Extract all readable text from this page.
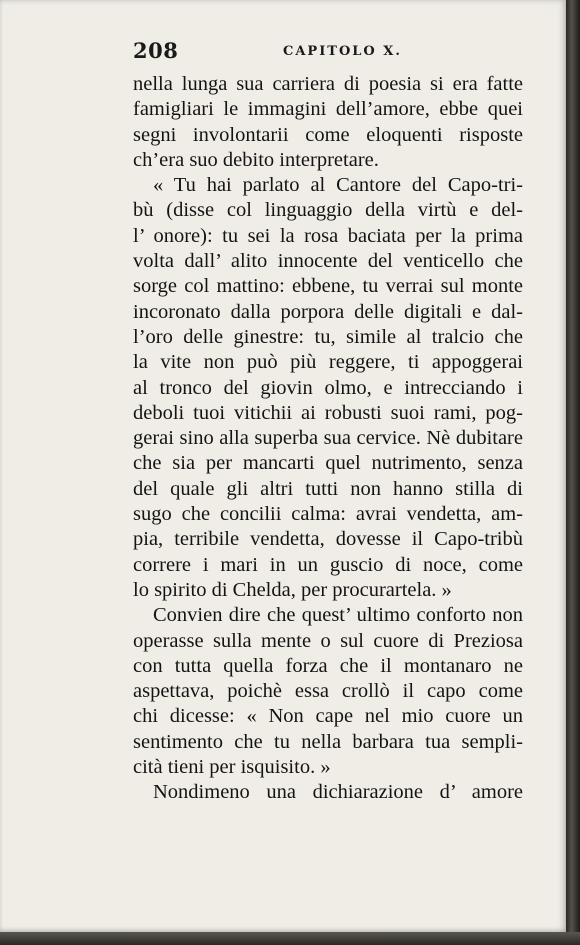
208	CAPITOLO X.
nella lunga sua carriera di poesia si era fatte
famigliari le immagini dell’amore, ebbe quei
segni involontarii come eloquenti risposte
ch’era suo debito interpretare.
« Tu hai parlato al Cantore del Capo-tri-
bù (disse col linguaggio della virtù e del-
l’ onore): tu sei la rosa baciata per la prima
volta dall’ alito innocente del venticello che
sorge col mattino: ebbene, tu verrai sul monte
incoronato dalla porpora delle digitali e dal-
l’oro delle ginestre: tu, simile al tralcio che
la vite non può più reggere, ti appoggerai
al tronco del giovin olmo, e intrecciando i
deboli tuoi vitichii ai robusti suoi rami, pog-
gerai sino alla superba sua cervice. Nè dubitare
che sia per mancarti quel nutrimento, senza
del quale gli altri tutti non hanno stilla di
sugo che concilii calma: avrai vendetta, am-
pia, terribile vendetta, dovesse il Capo-tribù
correre i mari in un guscio di noce, come
lo spirito di Chelda, per procurartela. »
Convien dire che quest’ ultimo conforto non
operasse sulla mente o sul cuore di Preziosa
con tutta quella forza che il montanaro ne
aspettava, poichè essa crollò il capo come
chi dicesse: « Non cape nel mio cuore un
sentimento che tu nella barbara tua sempli-
cità tieni per isquisito. »
Nondimeno una dichiarazione d’ amore
